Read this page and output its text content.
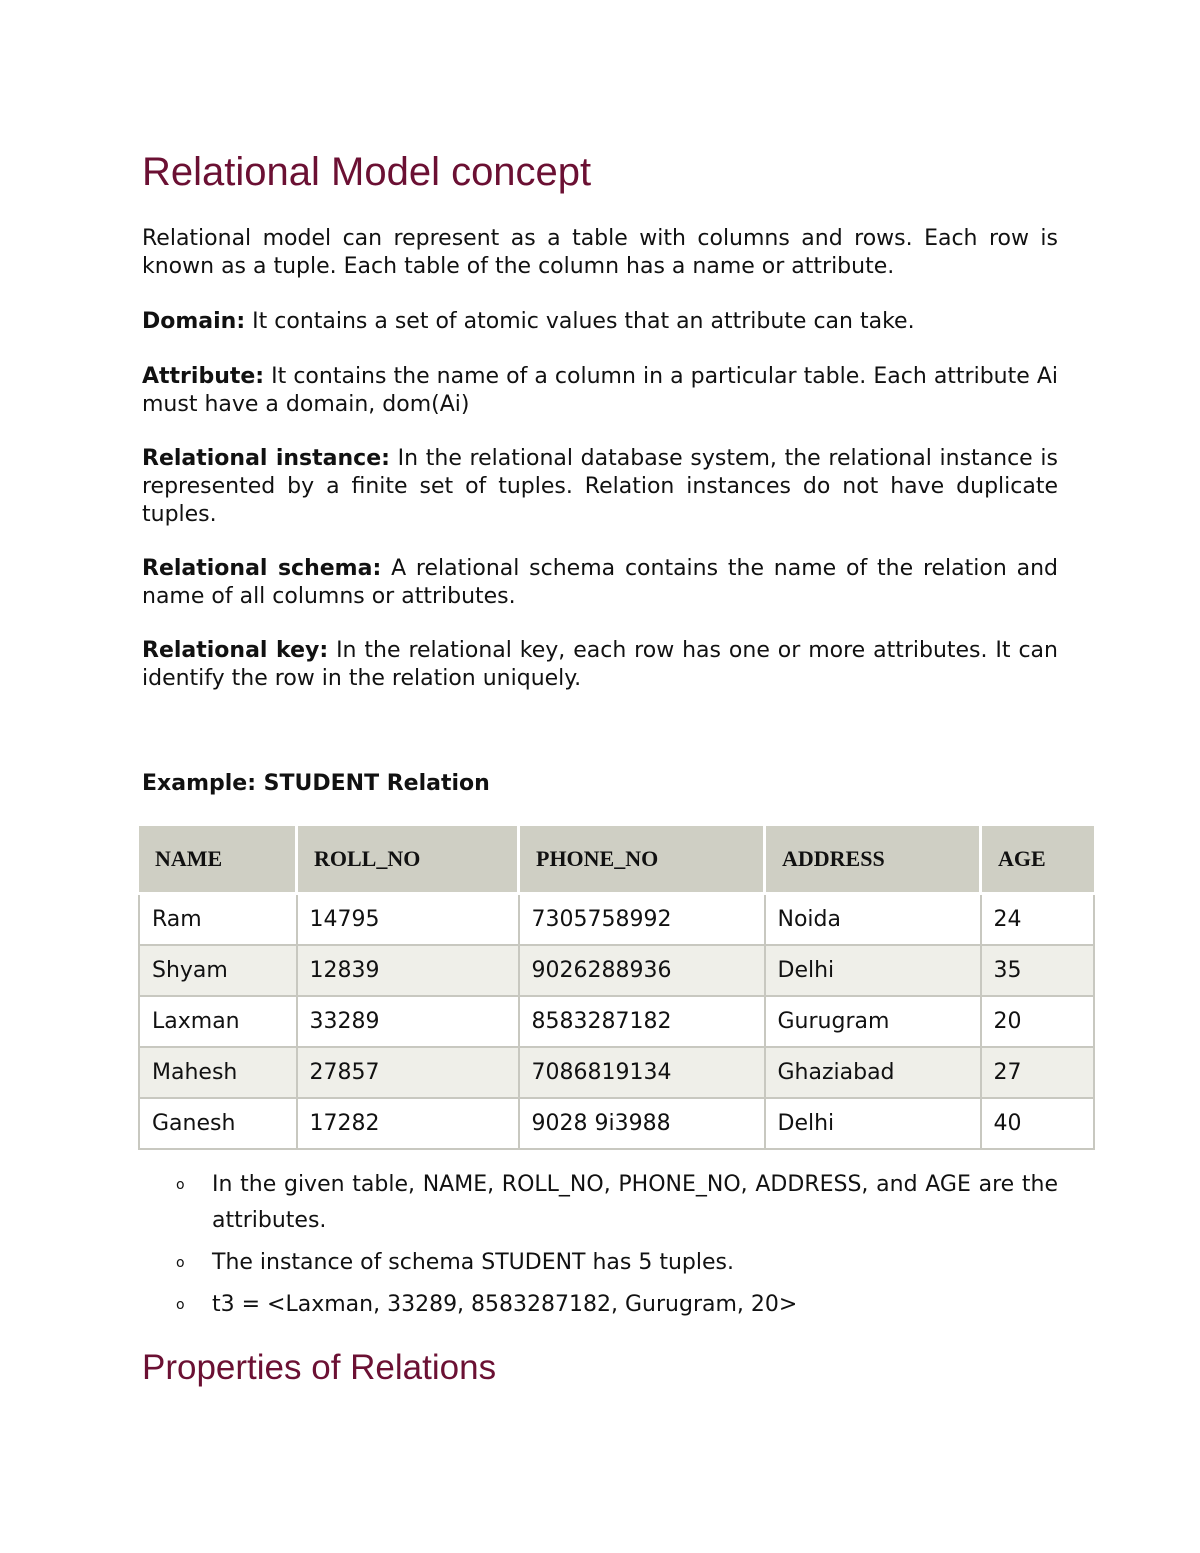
Relational Model concept

Relational model can represent as a table with columns and rows. Each row is known as a tuple. Each table of the column has a name or attribute.

Domain: It contains a set of atomic values that an attribute can take.

Attribute: It contains the name of a column in a particular table. Each attribute Ai must have a domain, dom(Ai)

Relational instance: In the relational database system, the relational instance is represented by a finite set of tuples. Relation instances do not have duplicate tuples.

Relational schema: A relational schema contains the name of the relation and name of all columns or attributes.

Relational key: In the relational key, each row has one or more attributes. It can identify the row in the relation uniquely.

Example: STUDENT Relation

NAME	ROLL_NO	PHONE_NO	ADDRESS	AGE
Ram	14795	7305758992	Noida	24
Shyam	12839	9026288936	Delhi	35
Laxman	33289	8583287182	Gurugram	20
Mahesh	27857	7086819134	Ghaziabad	27
Ganesh	17282	9028 9i3988	Delhi	40
o In the given table, NAME, ROLL_NO, PHONE_NO, ADDRESS, and AGE are the attributes.
o The instance of schema STUDENT has 5 tuples.
o t3 = <Laxman, 33289, 8583287182, Gurugram, 20>
Properties of Relations
